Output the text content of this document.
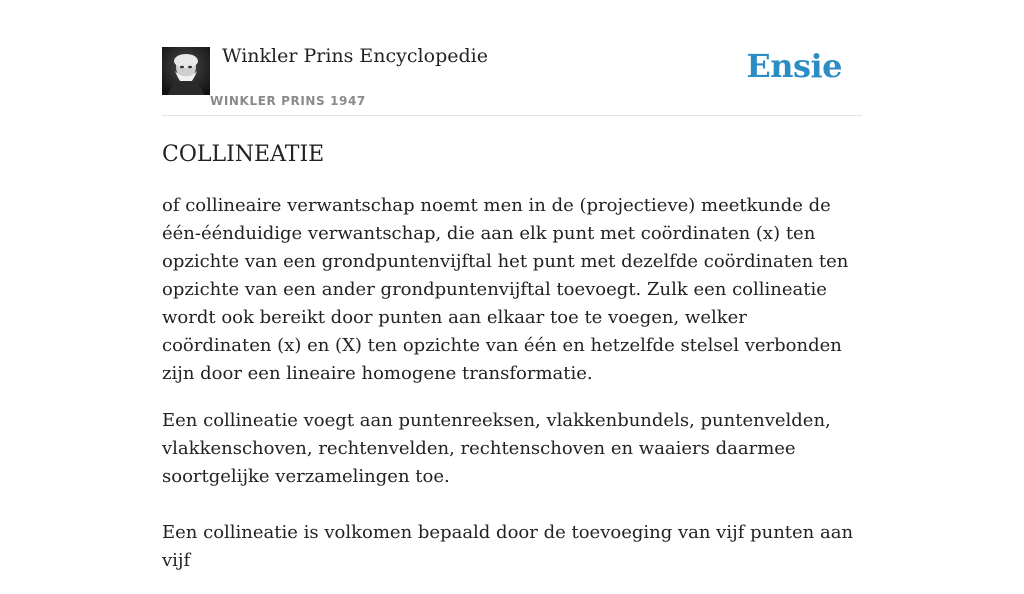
Winkler Prins Encyclopedie
WINKLER PRINS 1947
Ensie
COLLINEATIE

of collineaire verwantschap noemt men in de (projectieve) meetkunde de één-éénduidige verwantschap, die aan elk punt met coördinaten (x) ten opzichte van een grondpuntenvijftal het punt met dezelfde coördinaten ten opzichte van een ander grondpuntenvijftal toevoegt. Zulk een collineatie wordt ook bereikt door punten aan elkaar toe te voegen, welker coördinaten (x) en (X) ten opzichte van één en hetzelfde stelsel verbonden zijn door een lineaire homogene transformatie.

Een collineatie voegt aan puntenreeksen, vlakkenbundels, puntenvelden, vlakkenschoven, rechtenvelden, rechtenschoven en waaiers daarmee soortgelijke verzamelingen toe.

Een collineatie is volkomen bepaald door de toevoeging van vijf punten aan vijf
